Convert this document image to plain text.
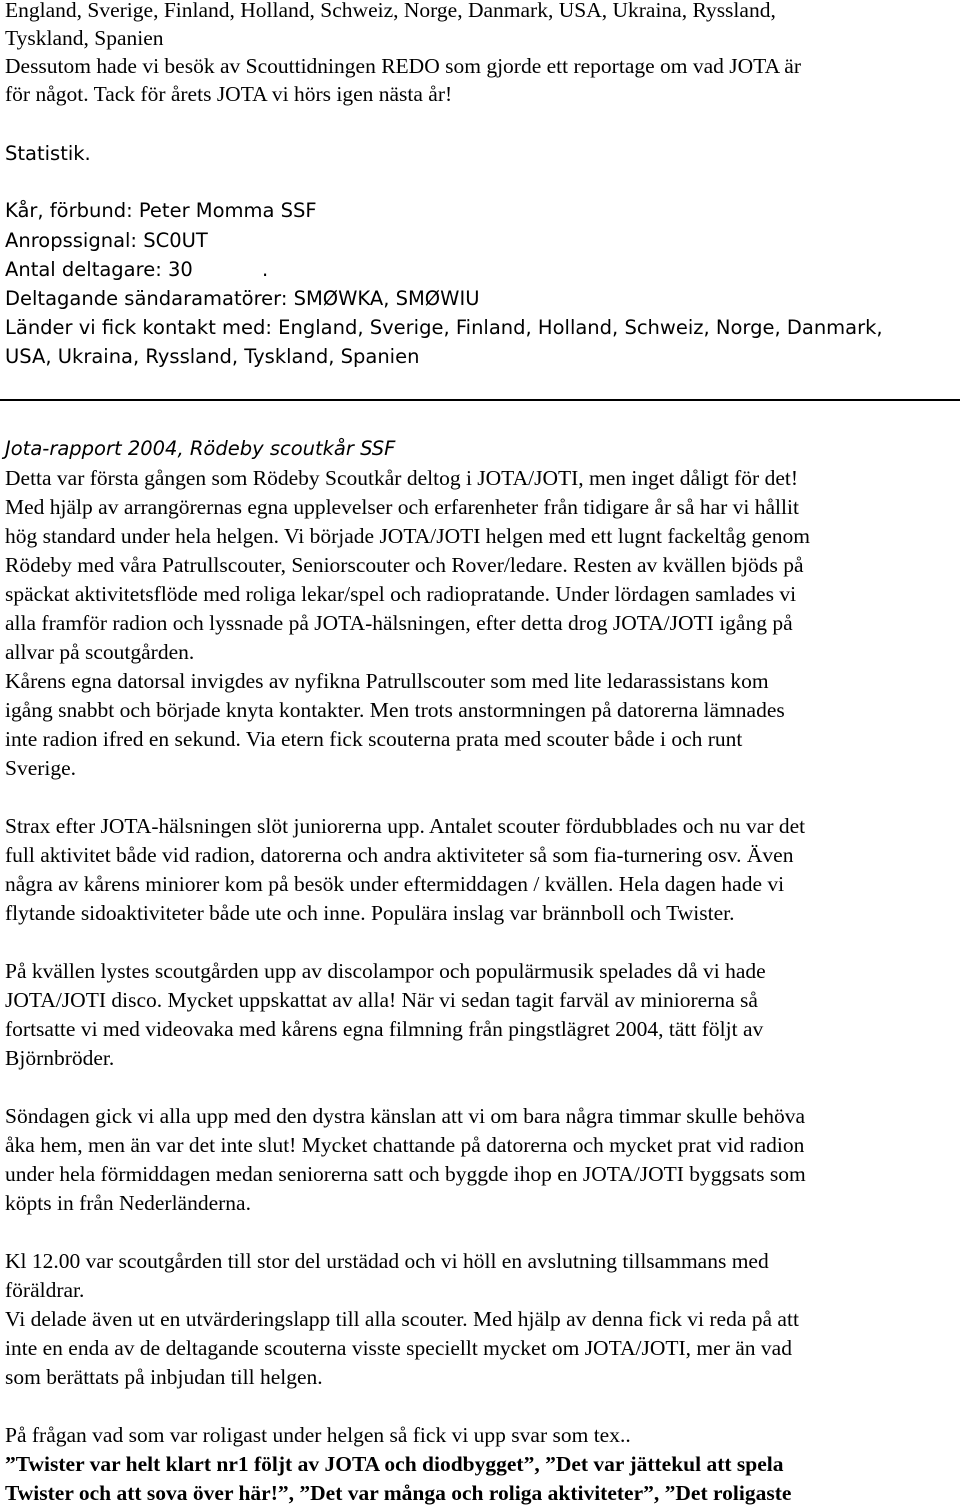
England, Sverige, Finland, Holland, Schweiz, Norge, Danmark, USA, Ukraina, Ryssland,

Tyskland, Spanien

Dessutom hade vi besök av Scouttidningen REDO som gjorde ett reportage om vad JOTA är

för något. Tack för årets JOTA vi hörs igen nästa år!

Statistik.

Kår, förbund: Peter Momma SSF

Anropssignal: SC0UT

Antal deltagare: 30	.

Deltagande sändaramatörer: SMØWKA, SMØWIU

Länder vi fick kontakt med: England, Sverige, Finland, Holland, Schweiz, Norge, Danmark,

USA, Ukraina, Ryssland, Tyskland, Spanien

Jota-rapport 2004, Rödeby scoutkår SSF

Detta var första gången som Rödeby Scoutkår deltog i JOTA/JOTI, men inget dåligt för det!

Med hjälp av arrangörernas egna upplevelser och erfarenheter från tidigare år så har vi hållit

hög standard under hela helgen. Vi började JOTA/JOTI helgen med ett lugnt fackeltåg genom

Rödeby med våra Patrullscouter, Seniorscouter och Rover/ledare. Resten av kvällen bjöds på

späckat aktivitetsflöde med roliga lekar/spel och radiopratande. Under lördagen samlades vi

alla framför radion och lyssnade på JOTA-hälsningen, efter detta drog JOTA/JOTI igång på

allvar på scoutgården.

Kårens egna datorsal invigdes av nyfikna Patrullscouter som med lite ledarassistans kom

igång snabbt och började knyta kontakter. Men trots anstormningen på datorerna lämnades

inte radion ifred en sekund. Via etern fick scouterna prata med scouter både i och runt

Sverige.

Strax efter JOTA-hälsningen slöt juniorerna upp. Antalet scouter fördubblades och nu var det

full aktivitet både vid radion, datorerna och andra aktiviteter så som fia-turnering osv. Även

några av kårens miniorer kom på besök under eftermiddagen / kvällen. Hela dagen hade vi

flytande sidoaktiviteter både ute och inne. Populära inslag var brännboll och Twister.

På kvällen lystes scoutgården upp av discolampor och populärmusik spelades då vi hade

JOTA/JOTI disco. Mycket uppskattat av alla! När vi sedan tagit farväl av miniorerna så

fortsatte vi med videovaka med kårens egna filmning från pingstlägret 2004, tätt följt av

Björnbröder.

Söndagen gick vi alla upp med den dystra känslan att vi om bara några timmar skulle behöva

åka hem, men än var det inte slut! Mycket chattande på datorerna och mycket prat vid radion

under hela förmiddagen medan seniorerna satt och byggde ihop en JOTA/JOTI byggsats som

köpts in från Nederländerna.

Kl 12.00 var scoutgården till stor del urstädad och vi höll en avslutning tillsammans med

föräldrar.

Vi delade även ut en utvärderingslapp till alla scouter. Med hjälp av denna fick vi reda på att

inte en enda av de deltagande scouterna visste speciellt mycket om JOTA/JOTI, mer än vad

som berättats på inbjudan till helgen.

På frågan vad som var roligast under helgen så fick vi upp svar som tex..

”Twister var helt klart nr1 följt av JOTA och diodbygget”, ”Det var jättekul att spela

Twister och att sova över här!”, ”Det var många och roliga aktiviteter”, ”Det roligaste
